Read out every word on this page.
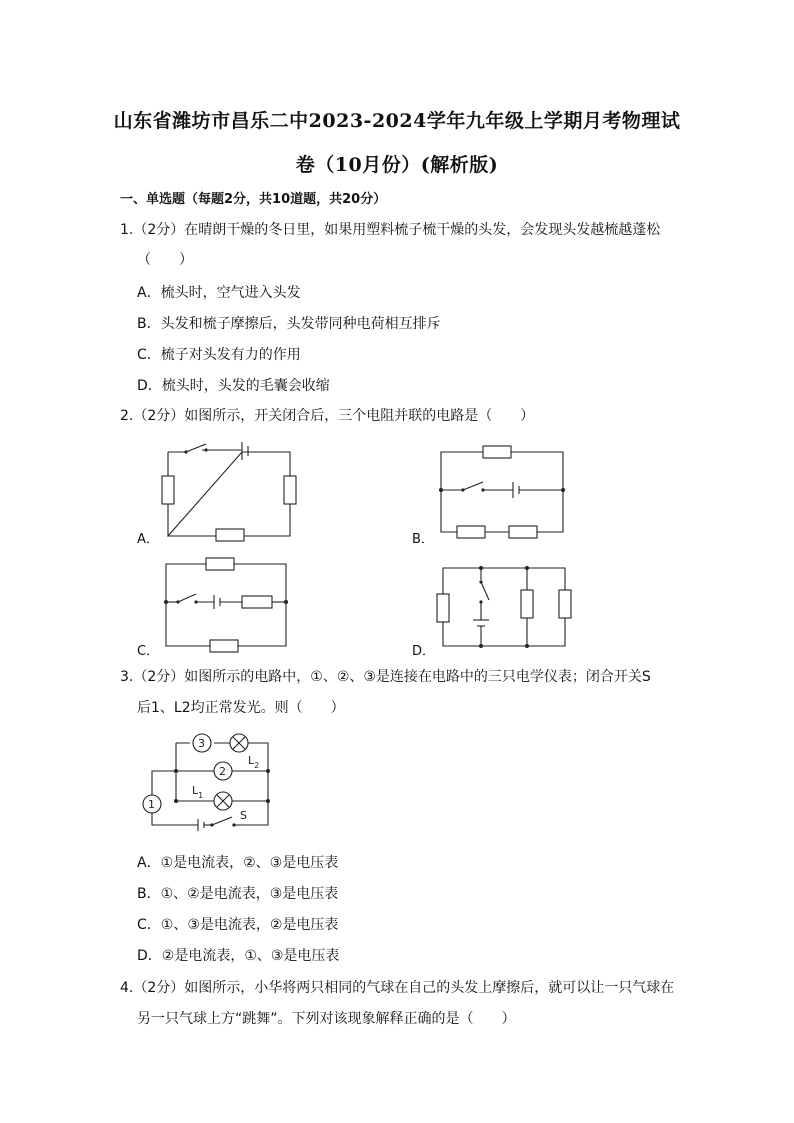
山东省潍坊市昌乐二中2023-2024学年九年级上学期月考物理试
卷（10月份）(解析版)
一、单选题（每题2分，共10道题，共20分）
1.（2分）在晴朗干燥的冬日里，如果用塑料梳子梳干燥的头发，会发现头发越梳越蓬松
（　　）
A．梳头时，空气进入头发
B．头发和梳子摩擦后，头发带同种电荷相互排斥
C．梳子对头发有力的作用
D．梳头时，头发的毛囊会收缩
2.（2分）如图所示，开关闭合后，三个电阻并联的电路是（　　）
A．	B．
C．	D．
3.（2分）如图所示的电路中，①、②、③是连接在电路中的三只电学仪表；闭合开关S
后1、L2均正常发光。则（　　）
3
$L_2$
2
$L_1$
1
S
A．①是电流表，②、③是电压表
B．①、②是电流表，③是电压表
C．①、③是电流表，②是电压表
D．②是电流表，①、③是电压表
4.（2分）如图所示，小华将两只相同的气球在自己的头发上摩擦后，就可以让一只气球在
另一只气球上方“跳舞”。下列对该现象解释正确的是（　　）
